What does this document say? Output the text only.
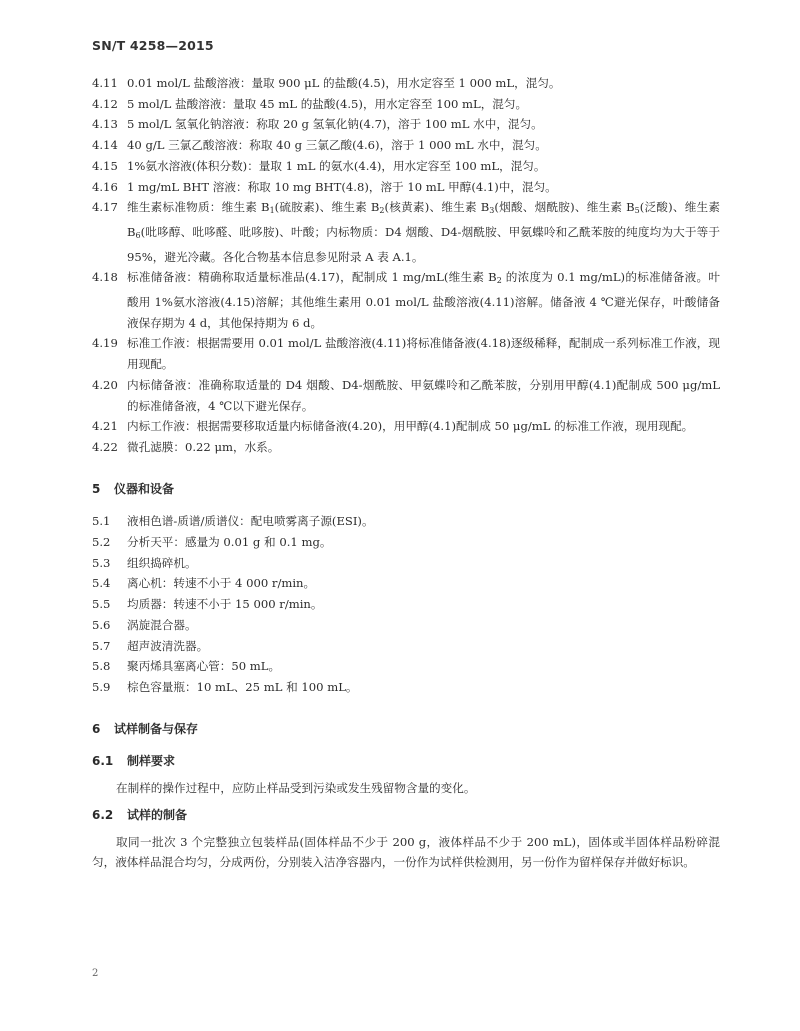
SN/T 4258—2015
4.11 0.01 mol/L 盐酸溶液：量取 900 μL 的盐酸(4.5)，用水定容至 1 000 mL，混匀。
4.12 5 mol/L 盐酸溶液：量取 45 mL 的盐酸(4.5)，用水定容至 100 mL，混匀。
4.13 5 mol/L 氢氧化钠溶液：称取 20 g 氢氧化钠(4.7)，溶于 100 mL 水中，混匀。
4.14 40 g/L 三氯乙酸溶液：称取 40 g 三氯乙酸(4.6)，溶于 1 000 mL 水中，混匀。
4.15 1%氨水溶液(体积分数)：量取 1 mL 的氨水(4.4)，用水定容至 100 mL，混匀。
4.16 1 mg/mL BHT 溶液：称取 10 mg BHT(4.8)，溶于 10 mL 甲醇(4.1)中，混匀。
4.17 维生素标准物质：维生素 $B_1$(硫胺素)、维生素 $B_2$(核黄素)、维生素 $B_3$(烟酸、烟酰胺)、维生素 $B_5$(泛酸)、维生素 $B_6$(吡哆醇、吡哆醛、吡哆胺)、叶酸；内标物质：D4 烟酸、D4-烟酰胺、甲氨蝶呤和乙酰苯胺的纯度均为大于等于 95%，避光冷藏。各化合物基本信息参见附录 A 表 A.1。
4.18 标准储备液：精确称取适量标准品(4.17)，配制成 1 mg/mL(维生素 $B_2$ 的浓度为 0.1 mg/mL)的标准储备液。叶酸用 1%氨水溶液(4.15)溶解；其他维生素用 0.01 mol/L 盐酸溶液(4.11)溶解。储备液 4 ℃避光保存，叶酸储备液保存期为 4 d，其他保持期为 6 d。
4.19 标准工作液：根据需要用 0.01 mol/L 盐酸溶液(4.11)将标准储备液(4.18)逐级稀释，配制成一系列标准工作液，现用现配。
4.20 内标储备液：准确称取适量的 D4 烟酸、D4-烟酰胺、甲氨蝶呤和乙酰苯胺，分别用甲醇(4.1)配制成 500 μg/mL 的标准储备液，4 ℃以下避光保存。
4.21 内标工作液：根据需要移取适量内标储备液(4.20)，用甲醇(4.1)配制成 50 μg/mL 的标准工作液，现用现配。
4.22 微孔滤膜：0.22 μm，水系。
5	仪器和设备
5.1	液相色谱-质谱/质谱仪：配电喷雾离子源(ESI)。
5.2	分析天平：感量为 0.01 g 和 0.1 mg。
5.3	组织捣碎机。
5.4	离心机：转速不小于 4 000 r/min。
5.5	均质器：转速不小于 15 000 r/min。
5.6	涡旋混合器。
5.7	超声波清洗器。
5.8	聚丙烯具塞离心管：50 mL。
5.9	棕色容量瓶：10 mL、25 mL 和 100 mL。
6	试样制备与保存
6.1	制样要求
在制样的操作过程中，应防止样品受到污染或发生残留物含量的变化。
6.2	试样的制备
取同一批次 3 个完整独立包装样品(固体样品不少于 200 g，液体样品不少于 200 mL)，固体或半固体样品粉碎混匀，液体样品混合均匀，分成两份，分别装入洁净容器内，一份作为试样供检测用，另一份作为留样保存并做好标识。
2
